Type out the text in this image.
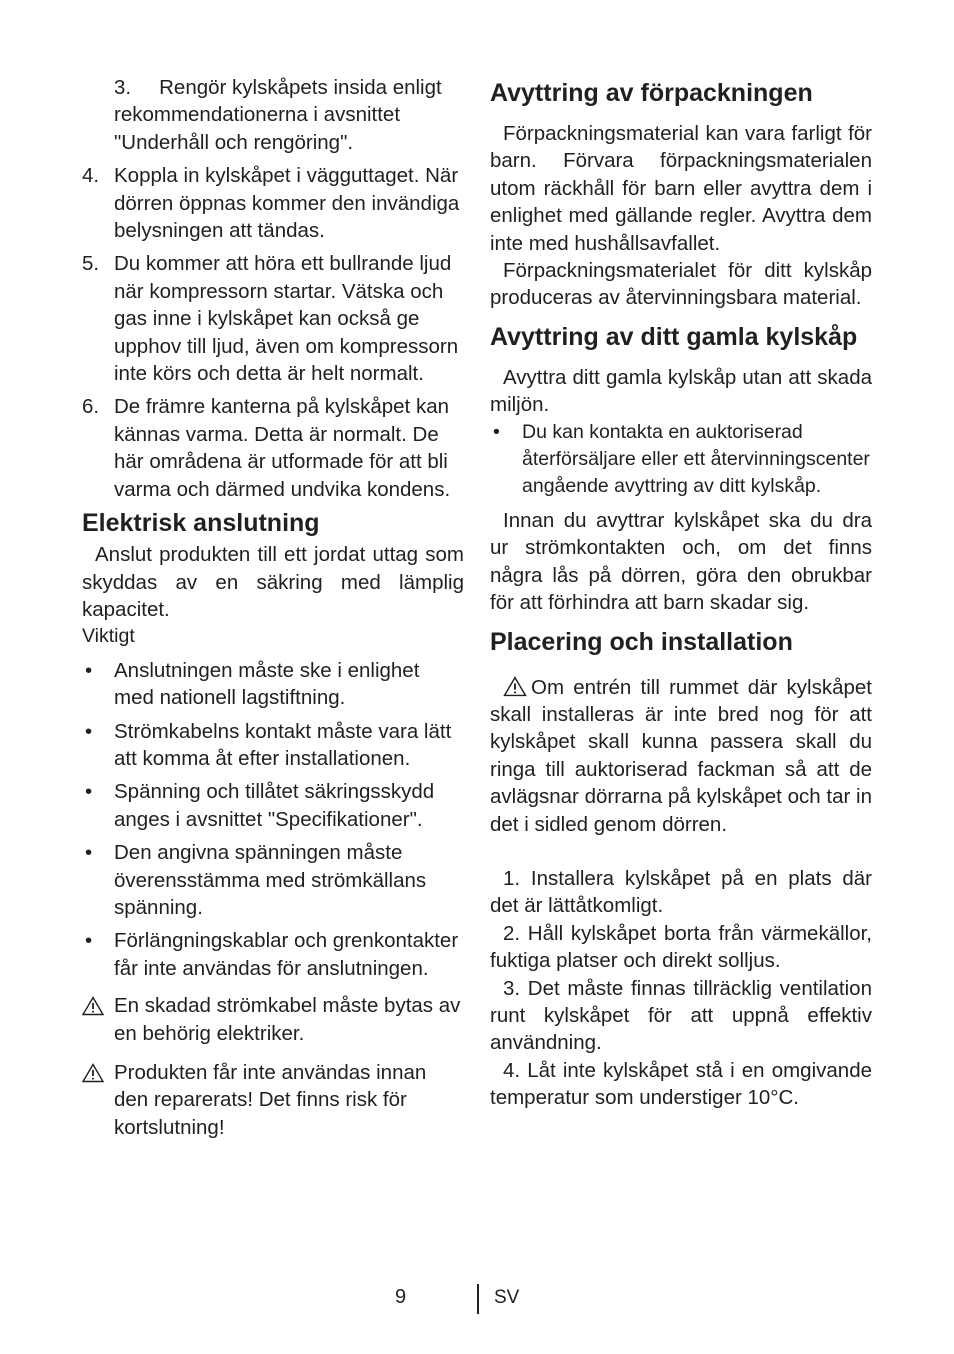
3. Rengör kylskåpets insida enligt rekommendationerna i avsnittet "Underhåll och rengöring".

4. Koppla in kylskåpet i vägguttaget. När dörren öppnas kommer den invändiga belysningen att tändas.
5. Du kommer att höra ett bullrande ljud när kompressorn startar. Vätska och gas inne i kylskåpet kan också ge upphov till ljud, även om kompressorn inte körs och detta är helt normalt.
6. De främre kanterna på kylskåpet kan kännas varma. Detta är normalt. De här områdena är utformade för att bli varma och därmed undvika kondens.
Elektrisk anslutning

Anslut produkten till ett jordat uttag som skyddas av en säkring med lämplig kapacitet.

Viktigt

• Anslutningen måste ske i enlighet med nationell lagstiftning.
• Strömkabelns kontakt måste vara lätt att komma åt efter installationen.
• Spänning och tillåtet säkringsskydd anges i avsnittet "Specifikationer".
• Den angivna spänningen måste överensstämma med strömkällans spänning.
• Förlängningskablar och grenkontakter får inte användas för anslutningen.
En skadad strömkabel måste bytas av en behörig elektriker.
Produkten får inte användas innan den reparerats! Det finns risk för kortslutning!
Avyttring av förpackningen

Förpackningsmaterial kan vara farligt för barn. Förvara förpackningsmaterialen utom räckhåll för barn eller avyttra dem i enlighet med gällande regler. Avyttra dem inte med hushållsavfallet.

Förpackningsmaterialet för ditt kylskåp produceras av återvinningsbara material.

Avyttring av ditt gamla kylskåp

Avyttra ditt gamla kylskåp utan att skada miljön.

• Du kan kontakta en auktoriserad återförsäljare eller ett återvinningscenter angående avyttring av ditt kylskåp.

Innan du avyttrar kylskåpet ska du dra ur strömkontakten och, om det finns några lås på dörren, göra den obrukbar för att förhindra att barn skadar sig.

Placering och installation

Om entrén till rummet där kylskåpet skall installeras är inte bred nog för att kylskåpet skall kunna passera skall du ringa till auktoriserad fackman så att de avlägsnar dörrarna på kylskåpet och tar in det i sidled genom dörren.

1. Installera kylskåpet på en plats där det är lättåtkomligt.

2. Håll kylskåpet borta från värmekällor, fuktiga platser och direkt solljus.

3. Det måste finnas tillräcklig ventilation runt kylskåpet för att uppnå effektiv användning.

4. Låt inte kylskåpet stå i en omgivande temperatur som understiger 10°C.

9	SV
